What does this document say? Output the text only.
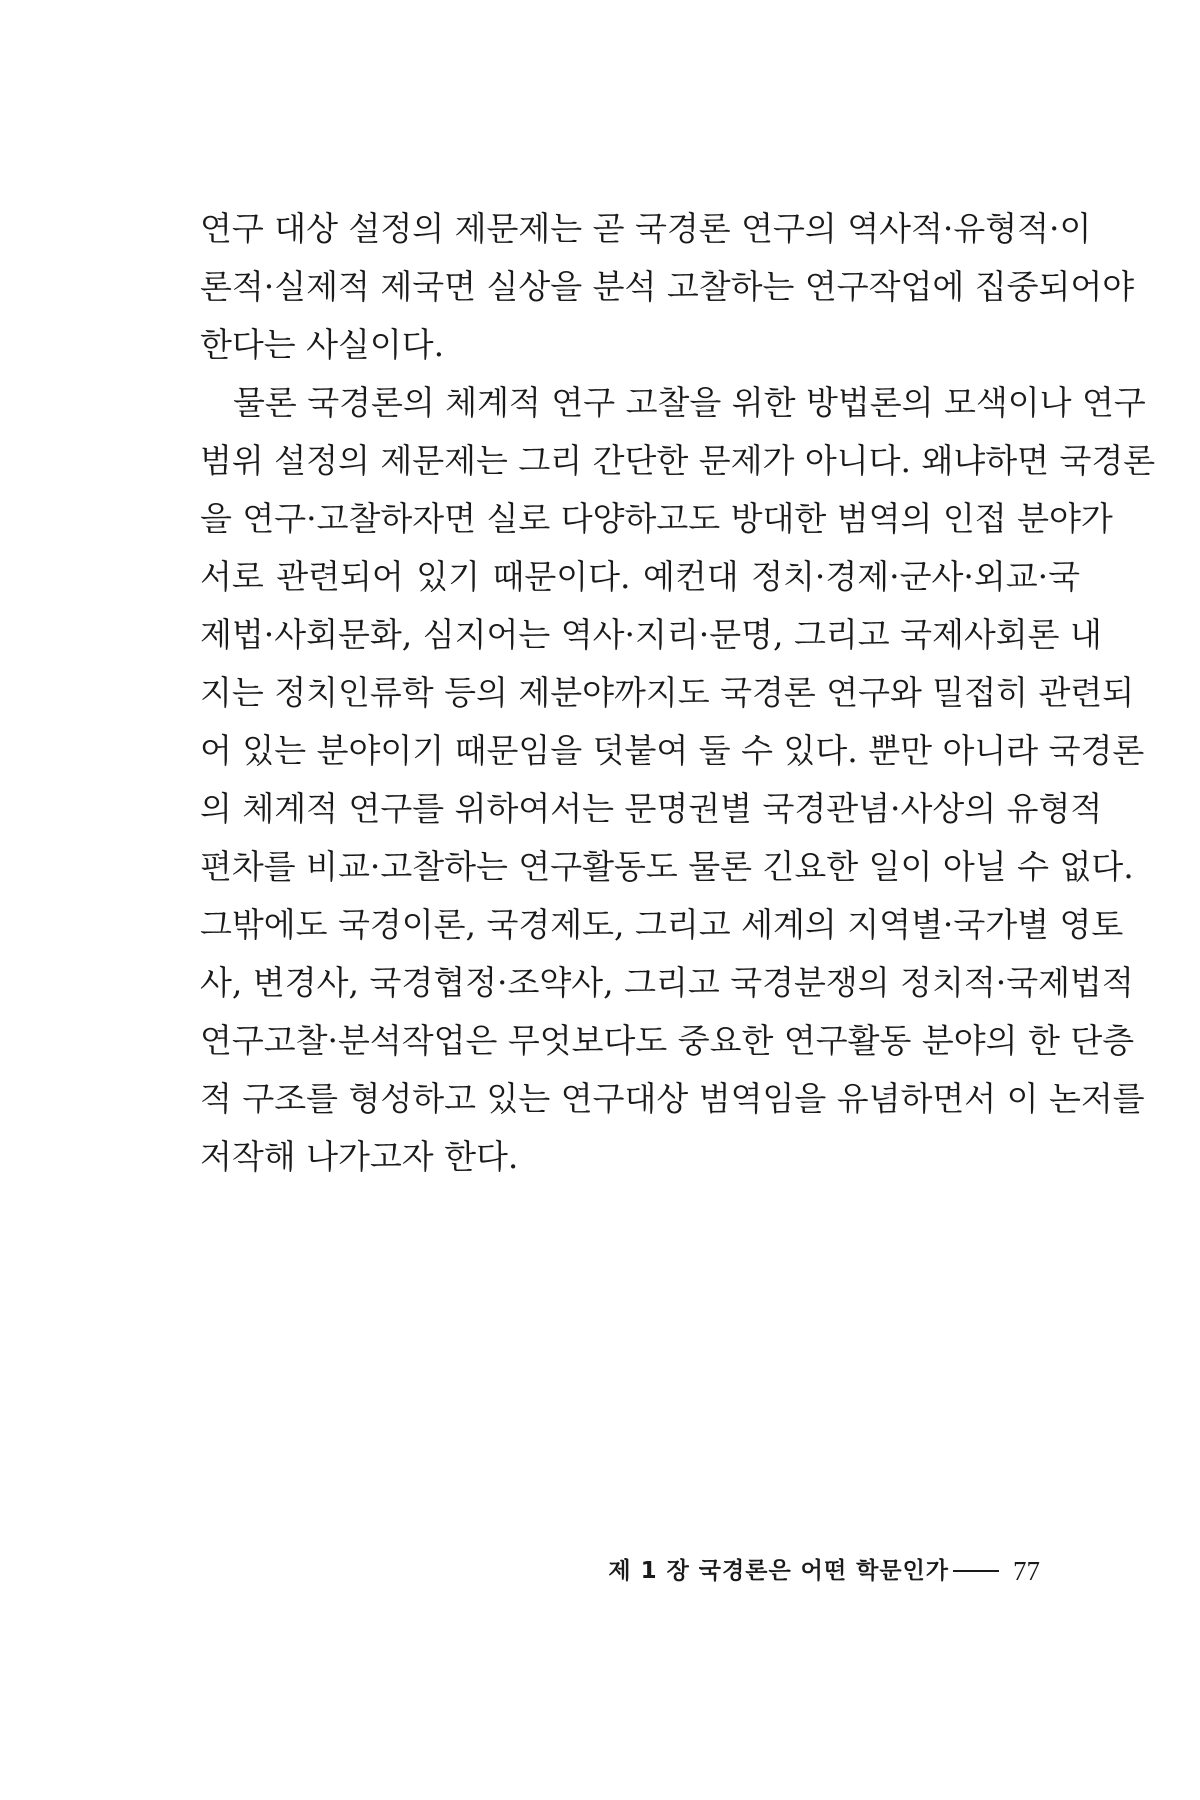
연구 대상 설정의 제문제는 곧 국경론 연구의 역사적·유형적·이
론적·실제적 제국면 실상을 분석 고찰하는 연구작업에 집중되어야
한다는 사실이다.
물론 국경론의 체계적 연구 고찰을 위한 방법론의 모색이나 연구
범위 설정의 제문제는 그리 간단한 문제가 아니다. 왜냐하면 국경론
을 연구·고찰하자면 실로 다양하고도 방대한 범역의 인접 분야가
서로 관련되어 있기 때문이다. 예컨대 정치·경제·군사·외교·국
제법·사회문화, 심지어는 역사·지리·문명, 그리고 국제사회론 내
지는 정치인류학 등의 제분야까지도 국경론 연구와 밀접히 관련되
어 있는 분야이기 때문임을 덧붙여 둘 수 있다. 뿐만 아니라 국경론
의 체계적 연구를 위하여서는 문명권별 국경관념·사상의 유형적
편차를 비교·고찰하는 연구활동도 물론 긴요한 일이 아닐 수 없다.
그밖에도 국경이론, 국경제도, 그리고 세계의 지역별·국가별 영토
사, 변경사, 국경협정·조약사, 그리고 국경분쟁의 정치적·국제법적
연구고찰·분석작업은 무엇보다도 중요한 연구활동 분야의 한 단층
적 구조를 형성하고 있는 연구대상 범역임을 유념하면서 이 논저를
저작해 나가고자 한다.
제 1 장 국경론은 어떤 학문인가 77
